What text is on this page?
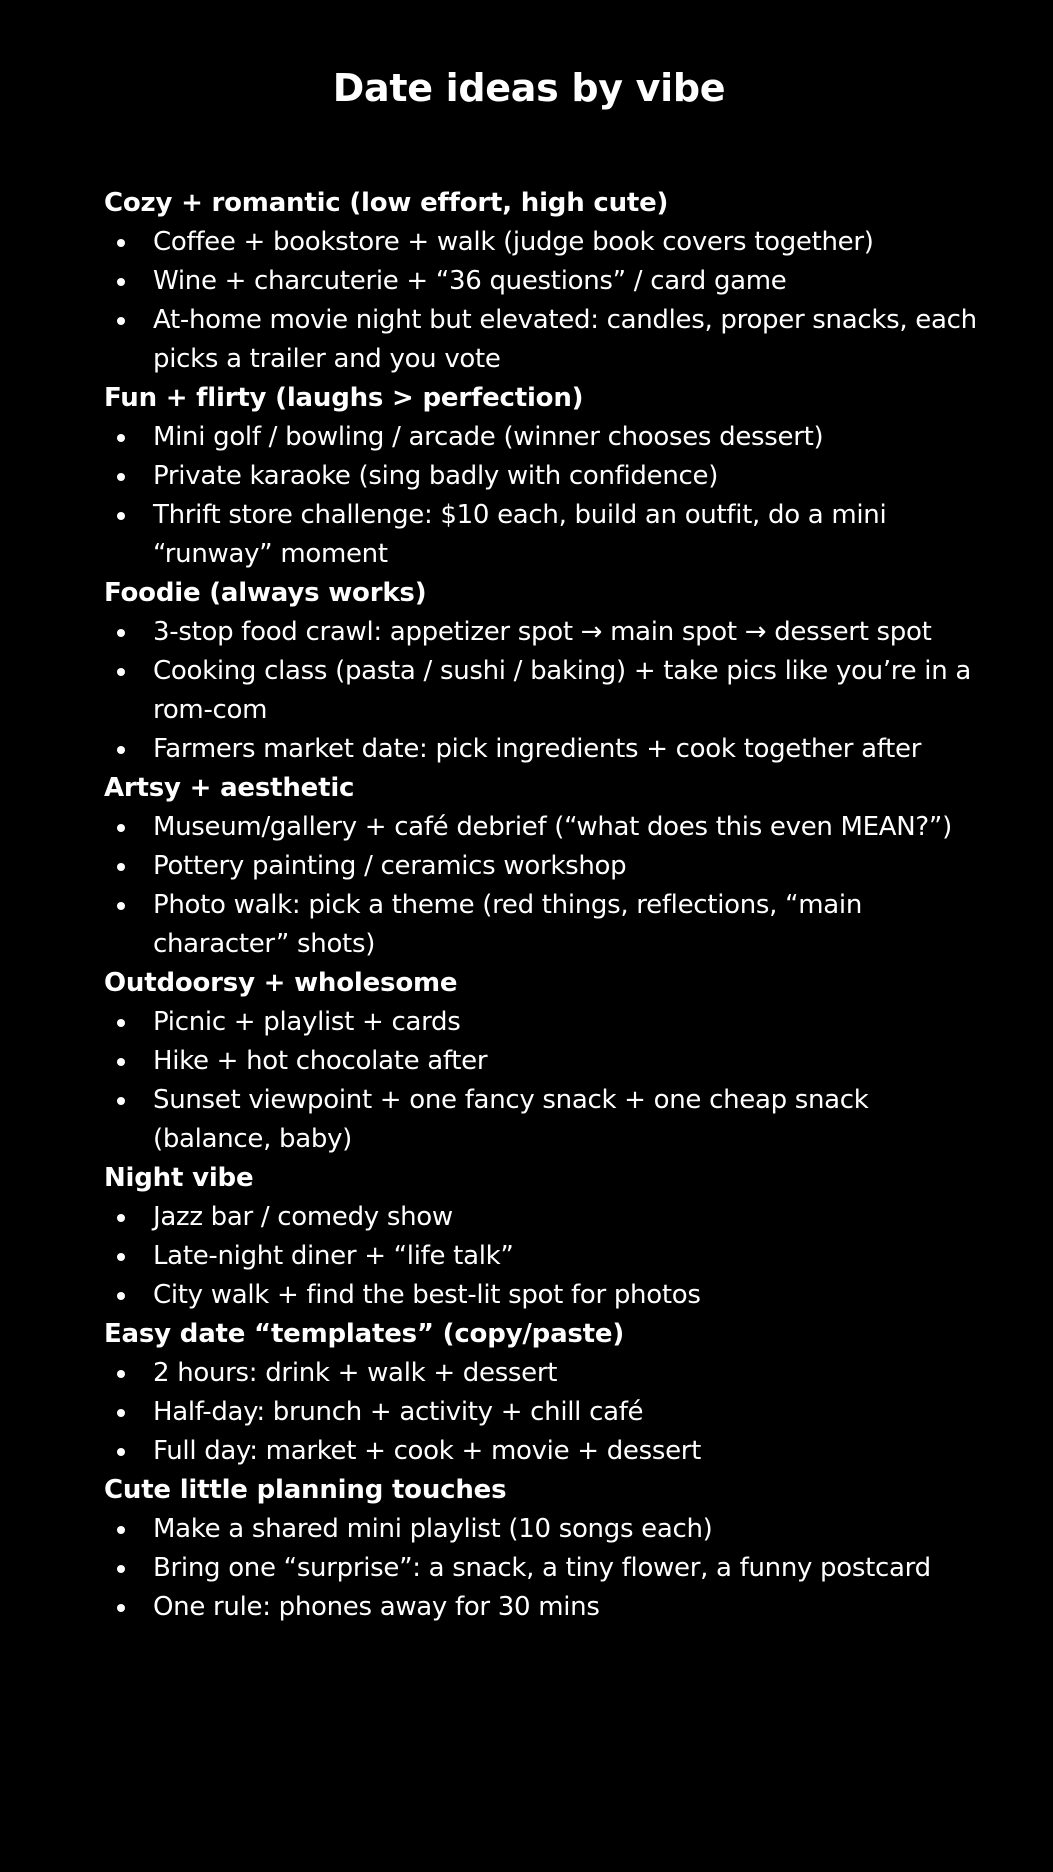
Date ideas by vibe
Cozy + romantic (low effort, high cute)
Coffee + bookstore + walk (judge book covers together)
Wine + charcuterie + “36 questions” / card game
At-home movie night but elevated: candles, proper snacks, each picks a trailer and you vote
Fun + flirty (laughs > perfection)
Mini golf / bowling / arcade (winner chooses dessert)
Private karaoke (sing badly with confidence)
Thrift store challenge: $10 each, build an outfit, do a mini “runway” moment
Foodie (always works)
3-stop food crawl: appetizer spot → main spot → dessert spot
Cooking class (pasta / sushi / baking) + take pics like you’re in a rom-com
Farmers market date: pick ingredients + cook together after
Artsy + aesthetic
Museum/gallery + café debrief (“what does this even MEAN?”)
Pottery painting / ceramics workshop
Photo walk: pick a theme (red things, reflections, “main character” shots)
Outdoorsy + wholesome
Picnic + playlist + cards
Hike + hot chocolate after
Sunset viewpoint + one fancy snack + one cheap snack (balance, baby)
Night vibe
Jazz bar / comedy show
Late-night diner + “life talk”
City walk + find the best-lit spot for photos
Easy date “templates” (copy/paste)
2 hours: drink + walk + dessert
Half-day: brunch + activity + chill café
Full day: market + cook + movie + dessert
Cute little planning touches
Make a shared mini playlist (10 songs each)
Bring one “surprise”: a snack, a tiny flower, a funny postcard
One rule: phones away for 30 mins
